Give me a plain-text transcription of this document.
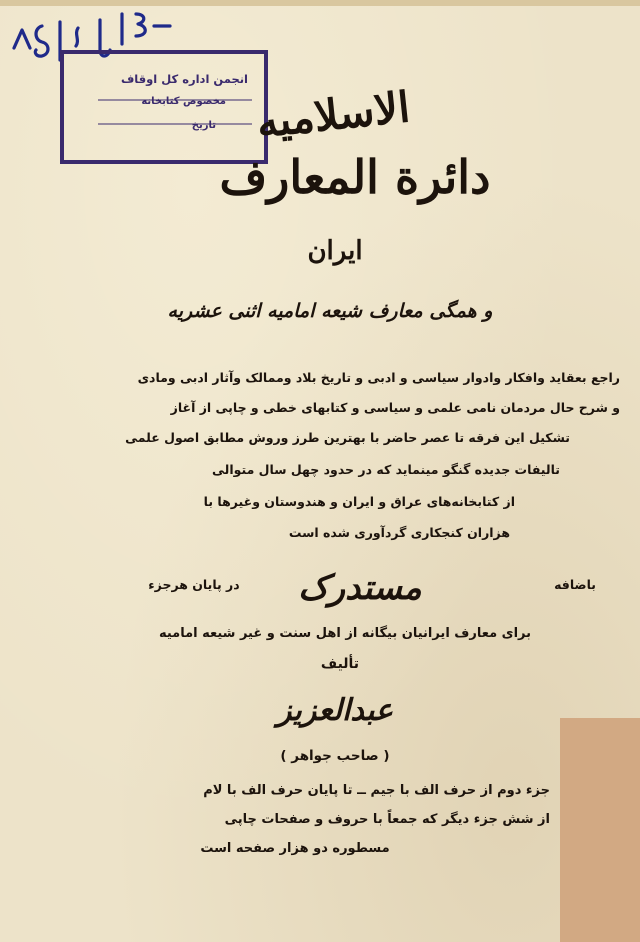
انجمن اداره کل اوقاف
مخصوص کتابخانه
تاریخ الاسلامیه
دائرة المعارف
ایران
و همگی معارف شیعه امامیه اثنی عشریه
راجع بعقاید وافکار وادوار سیاسی و ادبی و تاریخ بلاد وممالک وآثار ادبی ومادی
و شرح حال مردمان نامی علمی و سیاسی و کتابهای خطی و چاپی از آغاز
تشکیل این فرقه تا عصر حاضر با بهترین طرز وروش مطابق اصول علمی
تالیفات جدیده گنگو مینماید که در حدود چهل سال متوالی
از کتابخانه‌های عراق و ایران و هندوستان وغیرها با
هزاران کنجکاری گردآوری شده است
باضافه
مستدرک
در پایان هرجزء
برای معارف ایرانیان بیگانه از اهل سنت و غیر شیعه امامیه
تألیف
عبدالعزیز
( صاحب جواهر )
جزء دوم از حرف الف با جیم ــ تا پایان حرف الف با لام
از شش جزء دیگر که جمعاً با حروف و صفحات چاپی
مسطوره دو هزار صفحه است
